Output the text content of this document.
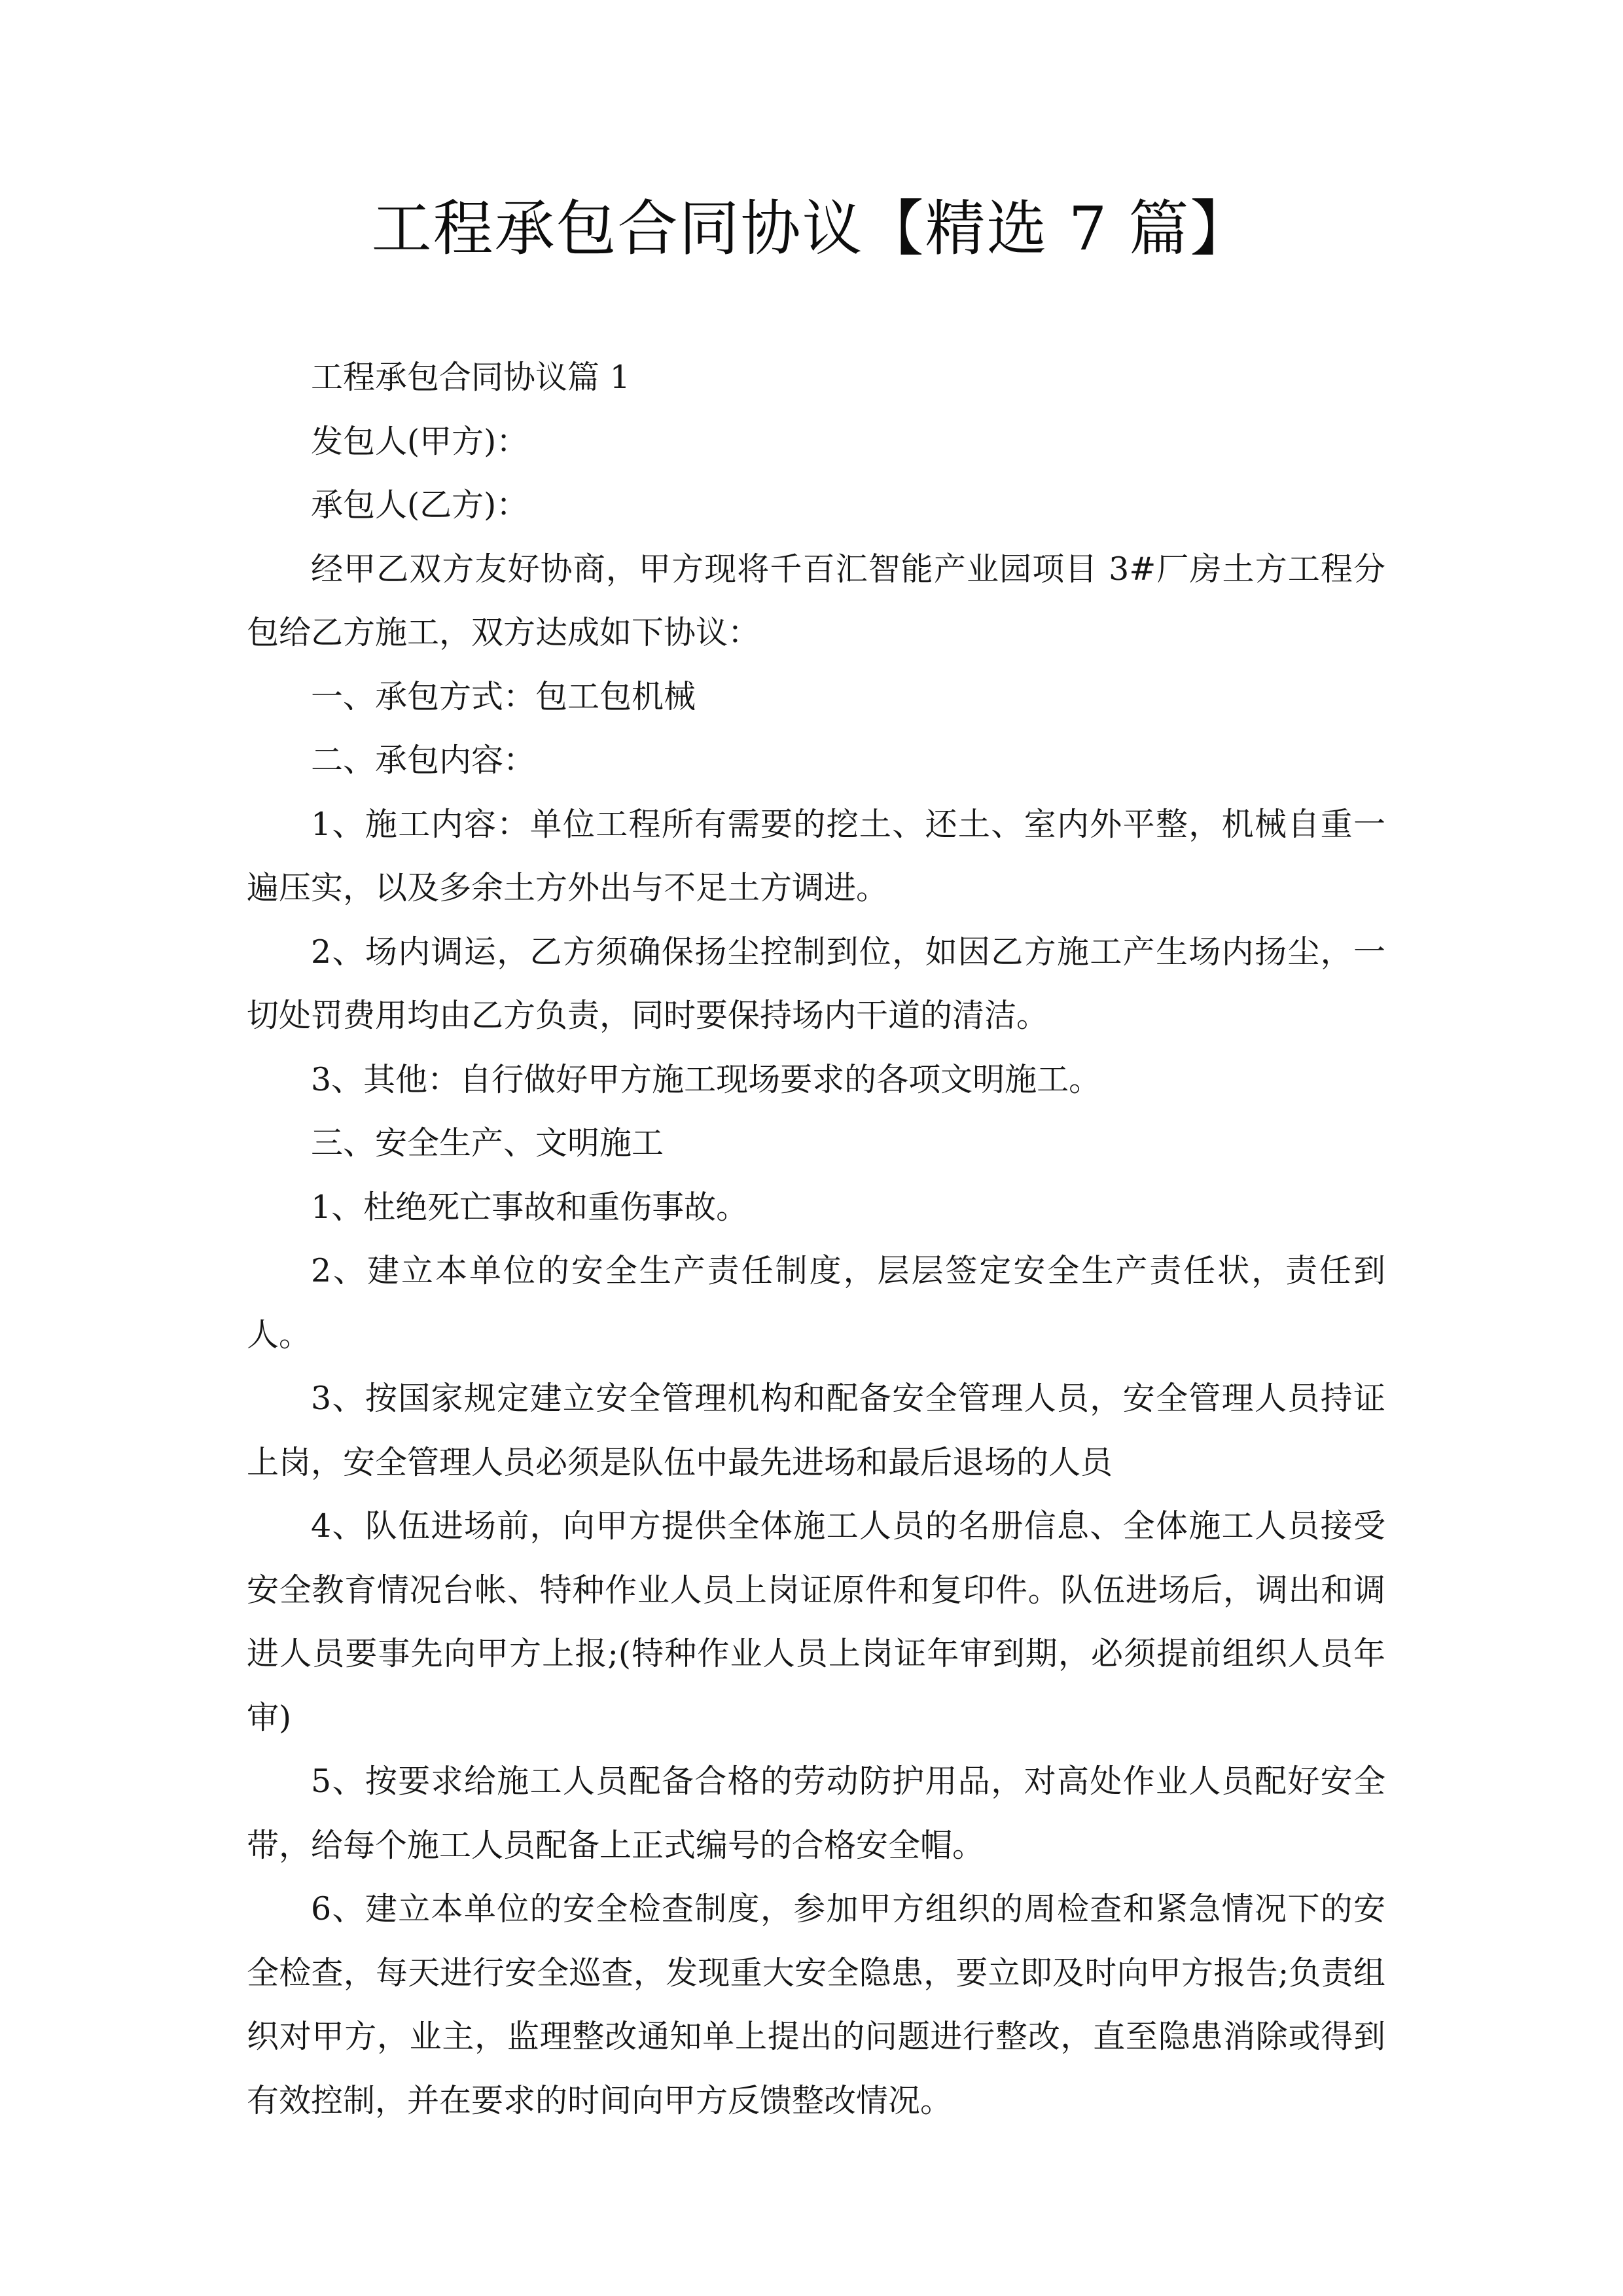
工程承包合同协议【精选 7 篇】

工程承包合同协议篇 1

发包人(甲方)：

承包人(乙方)：

经甲乙双方友好协商，甲方现将千百汇智能产业园项目 3#厂房土方工程分包给乙方施工，双方达成如下协议：

一、承包方式：包工包机械

二、承包内容：

1、施工内容：单位工程所有需要的挖土、还土、室内外平整，机械自重一遍压实，以及多余土方外出与不足土方调进。

2、场内调运，乙方须确保扬尘控制到位，如因乙方施工产生场内扬尘，一切处罚费用均由乙方负责，同时要保持场内干道的清洁。

3、其他：自行做好甲方施工现场要求的各项文明施工。

三、安全生产、文明施工

1、杜绝死亡事故和重伤事故。

2、建立本单位的安全生产责任制度，层层签定安全生产责任状，责任到人。

3、按国家规定建立安全管理机构和配备安全管理人员，安全管理人员持证上岗，安全管理人员必须是队伍中最先进场和最后退场的人员

4、队伍进场前，向甲方提供全体施工人员的名册信息、全体施工人员接受安全教育情况台帐、特种作业人员上岗证原件和复印件。队伍进场后，调出和调进人员要事先向甲方上报;(特种作业人员上岗证年审到期，必须提前组织人员年审)

5、按要求给施工人员配备合格的劳动防护用品，对高处作业人员配好安全带，给每个施工人员配备上正式编号的合格安全帽。

6、建立本单位的安全检查制度，参加甲方组织的周检查和紧急情况下的安全检查，每天进行安全巡查，发现重大安全隐患，要立即及时向甲方报告;负责组织对甲方，业主，监理整改通知单上提出的问题进行整改，直至隐患消除或得到有效控制，并在要求的时间向甲方反馈整改情况。
